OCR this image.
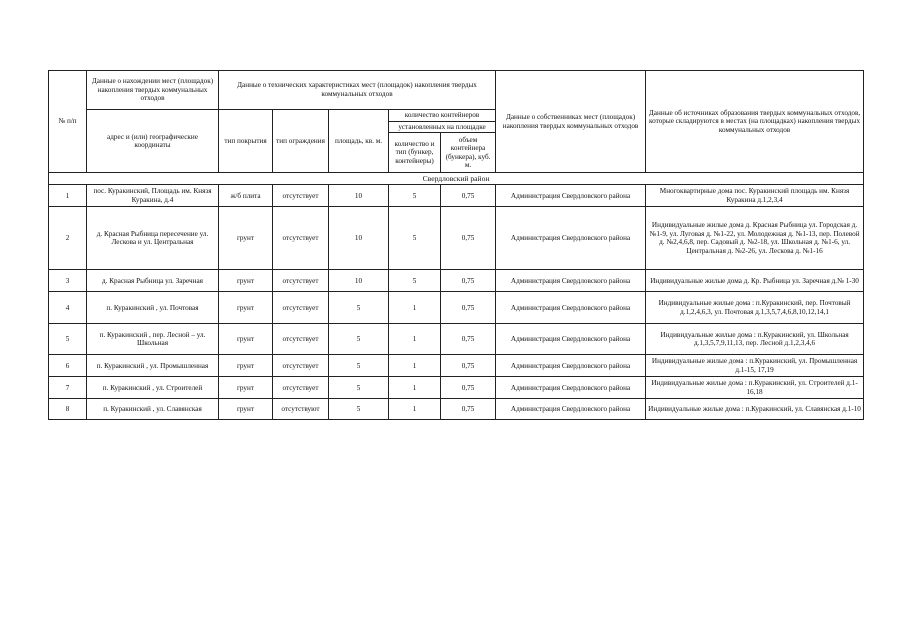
№ п/п	Данные о нахождении мест (площадок) накопления твердых коммунальных отходов	Данные о технических характеристиках мест (площадок) накопления твердых коммунальных отходов					Данные о собственниках мест (площадок) накопления твердых коммунальных отходов	Данные об источниках образования твердых коммунальных отходов, которые складируются в местах (на площадках) накопления твердых коммунальных отходов
	адрес и (или) географические координаты	тип покрытия	тип ограждения	площадь, кв. м.	количество контейнеров			
					установленных на площадке			
					количество и тип (бункер, контейнеры)	объем контейнера (бункера), куб. м.		
Свердловский район								
1	пос. Куракинский, Площадь им. Князя Куракина, д.4	ж/б плита	отсутствует	10	5	0,75	Администрация Свердловского района	Многоквартирные дома пос. Куракинский площадь им. Князя Куракина д.1,2,3,4
2	д. Красная Рыбница пересечение ул. Лескова и ул. Центральная	грунт	отсутствует	10	5	0,75	Администрация Свердловского района	Индивидуальные жилые дома д. Красная Рыбница ул. Городская д. №1-9, ул. Луговая д. №1-22, ул. Молодежная д. №1-13, пер. Полевой д. №2,4,6,8, пер. Садовый д. №2-18, ул. Школьная д. №1-6, ул. Центральная д. №2-26, ул. Лескова д. №1-16
3	д. Красная Рыбница ул. Заречная	грунт	отсутствует	10	5	0,75	Администрация Свердловского района	Индивидуальные жилые дома д. Кр. Рыбница ул. Заречная д.№ 1-30
4	п. Куракинский , ул. Почтовая	грунт	отсутствует	5	1	0,75	Администрация Свердловского района	Индивидуальные жилые дома : п.Куракинский, пер. Почтовый д.1,2,4,6,3, ул. Почтовая д.1,3,5,7,4,6,8,10,12,14,1
5	п. Куракинский , пер. Лесной – ул. Школьная	грунт	отсутствует	5	1	0,75	Администрация Свердловского района	Индивидуальные жилые дома : п.Куракинский, ул. Школьная д.1,3,5,7,9,11,13, пер. Лесной д.1,2,3,4,6
6	п. Куракинский , ул. Промышленная	грунт	отсутствует	5	1	0,75	Администрация Свердловского района	Индивидуальные жилые дома : п.Куракинский, ул. Промышленная д.1-15, 17,19
7	п. Куракинский , ул. Строителей	грунт	отсутствует	5	1	0,75	Администрация Свердловского района	Индивидуальные жилые дома : п.Куракинский, ул. Строителей д.1-16,18
8	п. Куракинский , ул. Славянская	грунт	отсутствуют	5	1	0,75	Администрация Свердловского района	Индивидуальные жилые дома : п.Куракинский, ул. Славянская д.1-10
